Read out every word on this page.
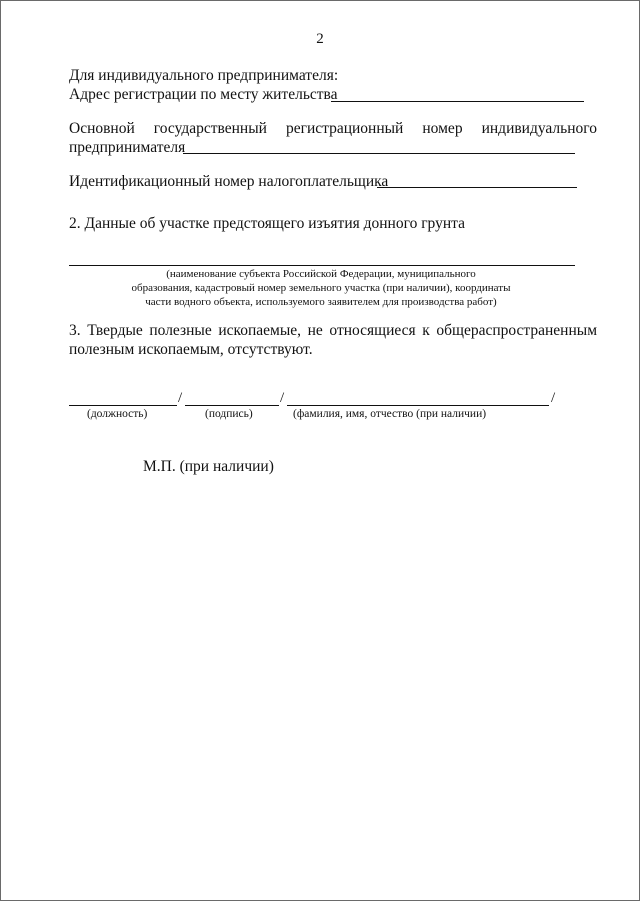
2
Для индивидуального предпринимателя:
Адрес регистрации по месту жительства
Основной государственный регистрационный номер индивидуального
предпринимателя
Идентификационный номер налогоплательщика
2. Данные об участке предстоящего изъятия донного грунта
(наименование субъекта Российской Федерации, муниципального
образования, кадастровый номер земельного участка (при наличии), координаты
части водного объекта, используемого заявителем для производства работ)
3. Твердые полезные ископаемые, не относящиеся к общераспространенным полезным ископаемым, отсутствуют.
/	/	/
(должность)	(подпись)	(фамилия, имя, отчество (при наличии)
М.П. (при наличии)
